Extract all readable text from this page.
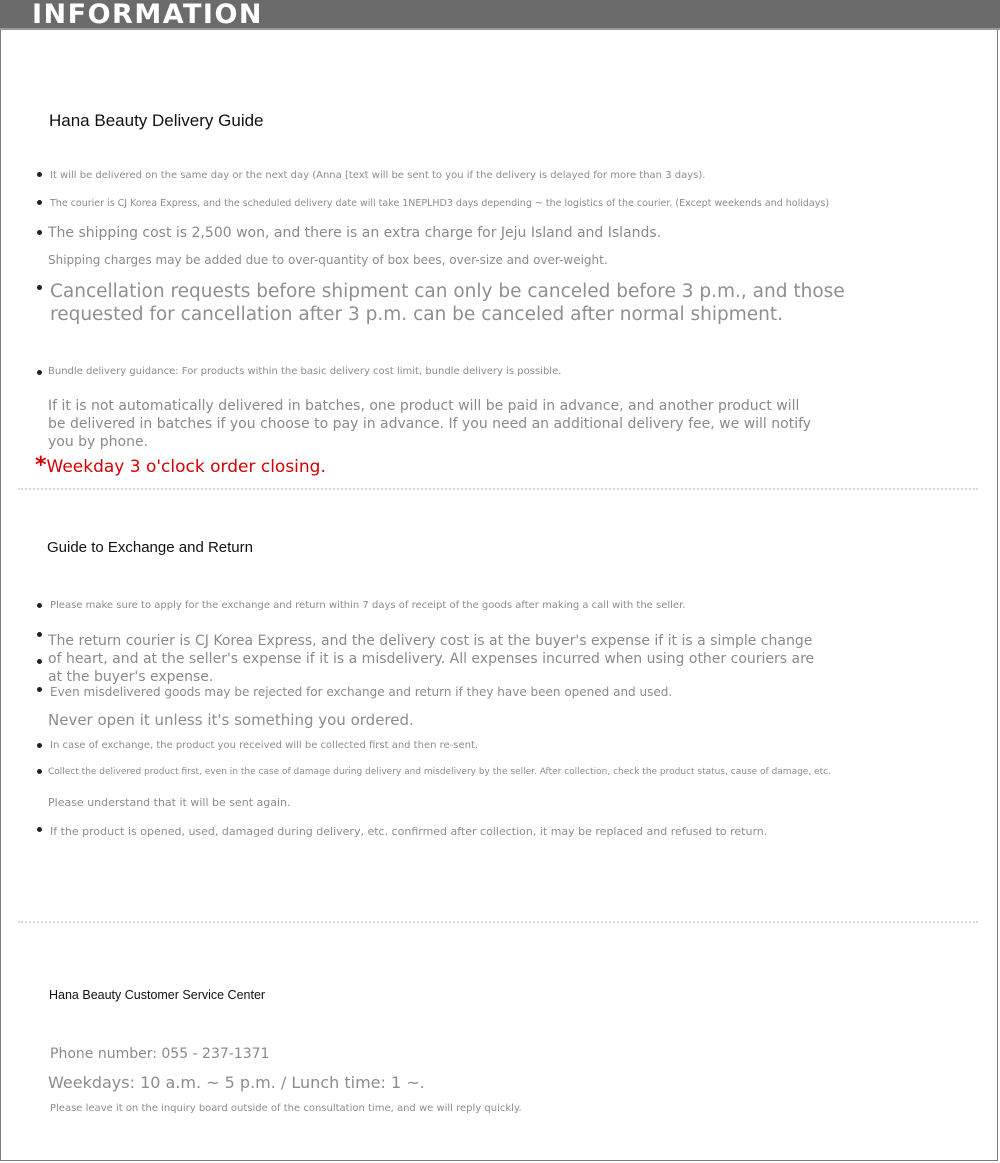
INFORMATION
Hana Beauty Delivery Guide
It will be delivered on the same day or the next day (Anna [text will be sent to you if the delivery is delayed for more than 3 days).
The courier is CJ Korea Express, and the scheduled delivery date will take 1NEPLHD3 days depending ~ the logistics of the courier. (Except weekends and holidays)
The shipping cost is 2,500 won, and there is an extra charge for Jeju Island and Islands.
Shipping charges may be added due to over-quantity of box bees, over-size and over-weight.
Cancellation requests before shipment can only be canceled before 3 p.m., and those requested for cancellation after 3 p.m. can be canceled after normal shipment.
Bundle delivery guidance: For products within the basic delivery cost limit, bundle delivery is possible.
If it is not automatically delivered in batches, one product will be paid in advance, and another product will be delivered in batches if you choose to pay in advance. If you need an additional delivery fee, we will notify you by phone.
*Weekday 3 o'clock order closing.
Guide to Exchange and Return
Please make sure to apply for the exchange and return within 7 days of receipt of the goods after making a call with the seller.
The return courier is CJ Korea Express, and the delivery cost is at the buyer's expense if it is a simple change of heart, and at the seller's expense if it is a misdelivery. All expenses incurred when using other couriers are at the buyer's expense.
Even misdelivered goods may be rejected for exchange and return if they have been opened and used.
Never open it unless it's something you ordered.
In case of exchange, the product you received will be collected first and then re-sent.
Collect the delivered product first, even in the case of damage during delivery and misdelivery by the seller. After collection, check the product status, cause of damage, etc.
Please understand that it will be sent again.
If the product is opened, used, damaged during delivery, etc. confirmed after collection, it may be replaced and refused to return.
Hana Beauty Customer Service Center
Phone number: 055 - 237-1371
Weekdays: 10 a.m. ~ 5 p.m. / Lunch time: 1 ~.
Please leave it on the inquiry board outside of the consultation time, and we will reply quickly.
